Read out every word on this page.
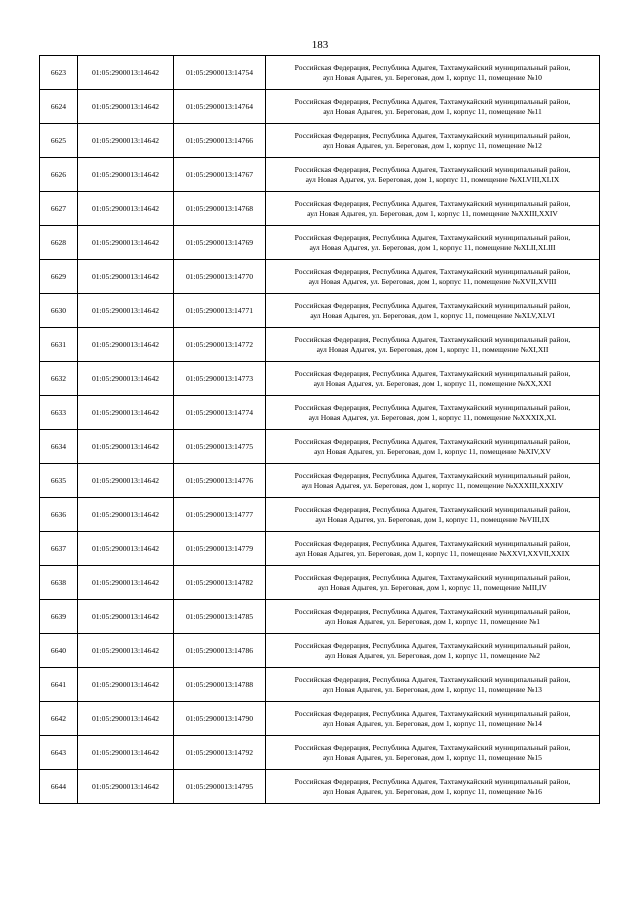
183
6623	01:05:2900013:14642	01:05:2900013:14754	Российская Федерация, Республика Адыгея, Тахтамукайский муниципальный район,
аул Новая Адыгея, ул. Береговая, дом 1, корпус 11, помещение №10

6624	01:05:2900013:14642	01:05:2900013:14764	Российская Федерация, Республика Адыгея, Тахтамукайский муниципальный район,
аул Новая Адыгея, ул. Береговая, дом 1, корпус 11, помещение №11

6625	01:05:2900013:14642	01:05:2900013:14766	Российская Федерация, Республика Адыгея, Тахтамукайский муниципальный район,
аул Новая Адыгея, ул. Береговая, дом 1, корпус 11, помещение №12

6626	01:05:2900013:14642	01:05:2900013:14767	Российская Федерация, Республика Адыгея, Тахтамукайский муниципальный район,
аул Новая Адыгея, ул. Береговая, дом 1, корпус 11, помещение №XLVIII,XLIX

6627	01:05:2900013:14642	01:05:2900013:14768	Российская Федерация, Республика Адыгея, Тахтамукайский муниципальный район,
аул Новая Адыгея, ул. Береговая, дом 1, корпус 11, помещение №XXIII,XXIV

6628	01:05:2900013:14642	01:05:2900013:14769	Российская Федерация, Республика Адыгея, Тахтамукайский муниципальный район,
аул Новая Адыгея, ул. Береговая, дом 1, корпус 11, помещение №XLII,XLIII

6629	01:05:2900013:14642	01:05:2900013:14770	Российская Федерация, Республика Адыгея, Тахтамукайский муниципальный район,
аул Новая Адыгея, ул. Береговая, дом 1, корпус 11, помещение №XVII,XVIII

6630	01:05:2900013:14642	01:05:2900013:14771	Российская Федерация, Республика Адыгея, Тахтамукайский муниципальный район,
аул Новая Адыгея, ул. Береговая, дом 1, корпус 11, помещение №XLV,XLVI

6631	01:05:2900013:14642	01:05:2900013:14772	Российская Федерация, Республика Адыгея, Тахтамукайский муниципальный район,
аул Новая Адыгея, ул. Береговая, дом 1, корпус 11, помещение №XI,XII

6632	01:05:2900013:14642	01:05:2900013:14773	Российская Федерация, Республика Адыгея, Тахтамукайский муниципальный район,
аул Новая Адыгея, ул. Береговая, дом 1, корпус 11, помещение №XX,XXI

6633	01:05:2900013:14642	01:05:2900013:14774	Российская Федерация, Республика Адыгея, Тахтамукайский муниципальный район,
аул Новая Адыгея, ул. Береговая, дом 1, корпус 11, помещение №XXXIX,XL

6634	01:05:2900013:14642	01:05:2900013:14775	Российская Федерация, Республика Адыгея, Тахтамукайский муниципальный район,
аул Новая Адыгея, ул. Береговая, дом 1, корпус 11, помещение №XIV,XV

6635	01:05:2900013:14642	01:05:2900013:14776	Российская Федерация, Республика Адыгея, Тахтамукайский муниципальный район,
аул Новая Адыгея, ул. Береговая, дом 1, корпус 11, помещение №XXXIII,XXXIV

6636	01:05:2900013:14642	01:05:2900013:14777	Российская Федерация, Республика Адыгея, Тахтамукайский муниципальный район,
аул Новая Адыгея, ул. Береговая, дом 1, корпус 11, помещение №VIII,IX

6637	01:05:2900013:14642	01:05:2900013:14779	Российская Федерация, Республика Адыгея, Тахтамукайский муниципальный район,
аул Новая Адыгея, ул. Береговая, дом 1, корпус 11, помещение №XXVI,XXVII,XXIX

6638	01:05:2900013:14642	01:05:2900013:14782	Российская Федерация, Республика Адыгея, Тахтамукайский муниципальный район,
аул Новая Адыгея, ул. Береговая, дом 1, корпус 11, помещение №III,IV

6639	01:05:2900013:14642	01:05:2900013:14785	Российская Федерация, Республика Адыгея, Тахтамукайский муниципальный район,
аул Новая Адыгея, ул. Береговая, дом 1, корпус 11, помещение №1

6640	01:05:2900013:14642	01:05:2900013:14786	Российская Федерация, Республика Адыгея, Тахтамукайский муниципальный район,
аул Новая Адыгея, ул. Береговая, дом 1, корпус 11, помещение №2

6641	01:05:2900013:14642	01:05:2900013:14788	Российская Федерация, Республика Адыгея, Тахтамукайский муниципальный район,
аул Новая Адыгея, ул. Береговая, дом 1, корпус 11, помещение №13

6642	01:05:2900013:14642	01:05:2900013:14790	Российская Федерация, Республика Адыгея, Тахтамукайский муниципальный район,
аул Новая Адыгея, ул. Береговая, дом 1, корпус 11, помещение №14

6643	01:05:2900013:14642	01:05:2900013:14792	Российская Федерация, Республика Адыгея, Тахтамукайский муниципальный район,
аул Новая Адыгея, ул. Береговая, дом 1, корпус 11, помещение №15

6644	01:05:2900013:14642	01:05:2900013:14795	Российская Федерация, Республика Адыгея, Тахтамукайский муниципальный район,
аул Новая Адыгея, ул. Береговая, дом 1, корпус 11, помещение №16
